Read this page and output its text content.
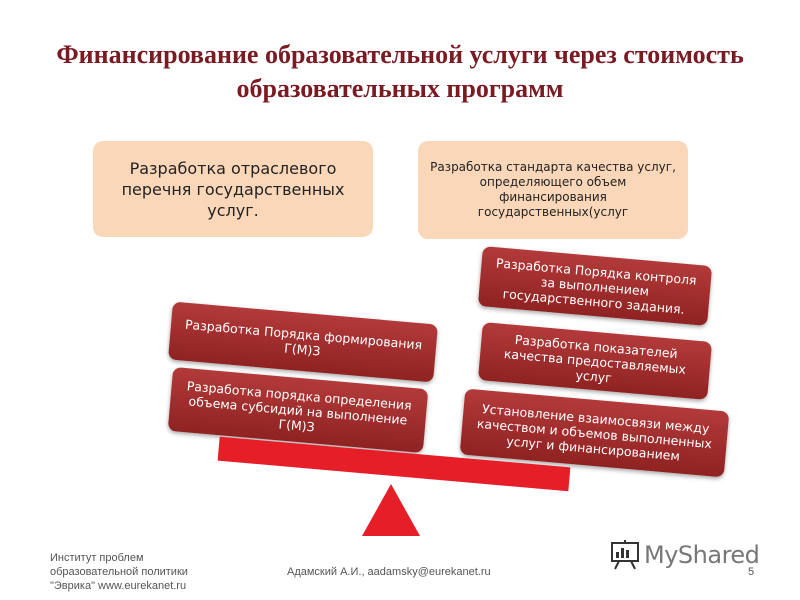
Финансирование образовательной услуги через стоимость образовательных программ
Разработка отраслевого перечня государственных услуг.
Разработка стандарта качества услуг, определяющего объем финансирования государственных(услуг
Разработка Порядка контроля за выполнением государственного задания.
Разработка Порядка формирования Г(М)З	Разработка показателей качества предоставляемых услуг
Разработка порядка определения объема субсидий на выполнение Г(М)З	Установление взаимосвязи между качеством и объемов выполненных услуг и финансированием
Институт проблем образовательной политики "Эврика" www.eurekanet.ru
Адамский А.И., aadamsky@eurekanet.ru	5
MyShared
